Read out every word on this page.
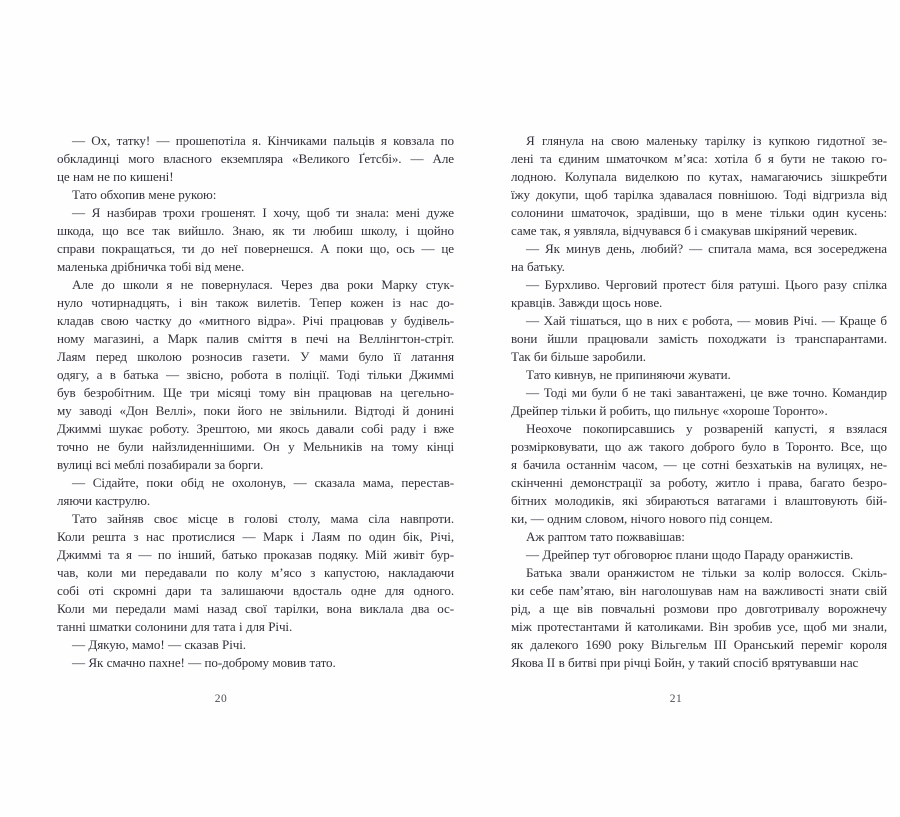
— Ох, татку! — прошепотіла я. Кінчиками пальців я ковзала по
обкладинці мого власного екземпляра «Великого Ґетсбі». — Але
це нам не по кишені!
Тато обхопив мене рукою:
— Я назбирав трохи грошенят. І хочу, щоб ти знала: мені дуже
шкода, що все так вийшло. Знаю, як ти любиш школу, і щойно
справи покращаться, ти до неї повернешся. А поки що, ось — це
маленька дрібничка тобі від мене.
Але до школи я не повернулася. Через два роки Марку стук-
нуло чотирнадцять, і він також вилетів. Тепер кожен із нас до-
кладав свою частку до «митного відра». Річі працював у будівель-
ному магазині, а Марк палив сміття в печі на Веллінгтон-стріт.
Лаям перед школою розносив газети. У мами було її латання
одягу, а в батька — звісно, робота в поліції. Тоді тільки Джиммі
був безробітним. Ще три місяці тому він працював на цегельно-
му заводі «Дон Веллі», поки його не звільнили. Відтоді й донині
Джиммі шукає роботу. Зрештою, ми якось давали собі раду і вже
точно не були найзлиденнішими. Он у Мельників на тому кінці
вулиці всі меблі позабирали за борги.
— Сідайте, поки обід не охолонув, — сказала мама, перестав-
ляючи каструлю.
Тато зайняв своє місце в голові столу, мама сіла навпроти.
Коли решта з нас протислися — Марк і Лаям по один бік, Річі,
Джиммі та я — по інший, батько проказав подяку. Мій живіт бур-
чав, коли ми передавали по колу м’ясо з капустою, накладаючи
собі оті скромні дари та залишаючи вдосталь одне для одного.
Коли ми передали мамі назад свої тарілки, вона виклала два ос-
танні шматки солонини для тата і для Річі.
— Дякую, мамо! — сказав Річі.
— Як смачно пахне! — по-доброму мовив тато.
Я глянула на свою маленьку тарілку із купкою гидотної зе-
лені та єдиним шматочком м’яса: хотіла б я бути не такою го-
лодною. Колупала виделкою по кутах, намагаючись зішкребти
їжу докупи, щоб тарілка здавалася повнішою. Тоді відгризла від
солонини шматочок, зрадівши, що в мене тільки один кусень:
саме так, я уявляла, відчувався б і смакував шкіряний черевик.
— Як минув день, любий? — спитала мама, вся зосереджена
на батьку.
— Бурхливо. Черговий протест біля ратуші. Цього разу спілка
кравців. Завжди щось нове.
— Хай тішаться, що в них є робота, — мовив Річі. — Краще б
вони йшли працювали замість походжати із транспарантами.
Так би більше заробили.
Тато кивнув, не припиняючи жувати.
— Тоді ми були б не такі завантажені, це вже точно. Командир
Дрейпер тільки й робить, що пильнує «хороше Торонто».
Неохоче покопирсавшись у розвареній капусті, я взялася
розмірковувати, що аж такого доброго було в Торонто. Все, що
я бачила останнім часом, — це сотні безхатьків на вулицях, не-
скінченні демонстрації за роботу, житло і права, багато безро-
бітних молодиків, які збираються ватагами і влаштовують бій-
ки, — одним словом, нічого нового під сонцем.
Аж раптом тато пожвавішав:
— Дрейпер тут обговорює плани щодо Параду оранжистів.
Батька звали оранжистом не тільки за колір волосся. Скіль-
ки себе пам’ятаю, він наголошував нам на важливості знати свій
рід, а ще вів повчальні розмови про довготривалу ворожнечу
між протестантами й католиками. Він зробив усе, щоб ми знали,
як далекого 1690 року Вільгельм III Оранський переміг короля
Якова II в битві при річці Бойн, у такий спосіб врятувавши нас
20	21
